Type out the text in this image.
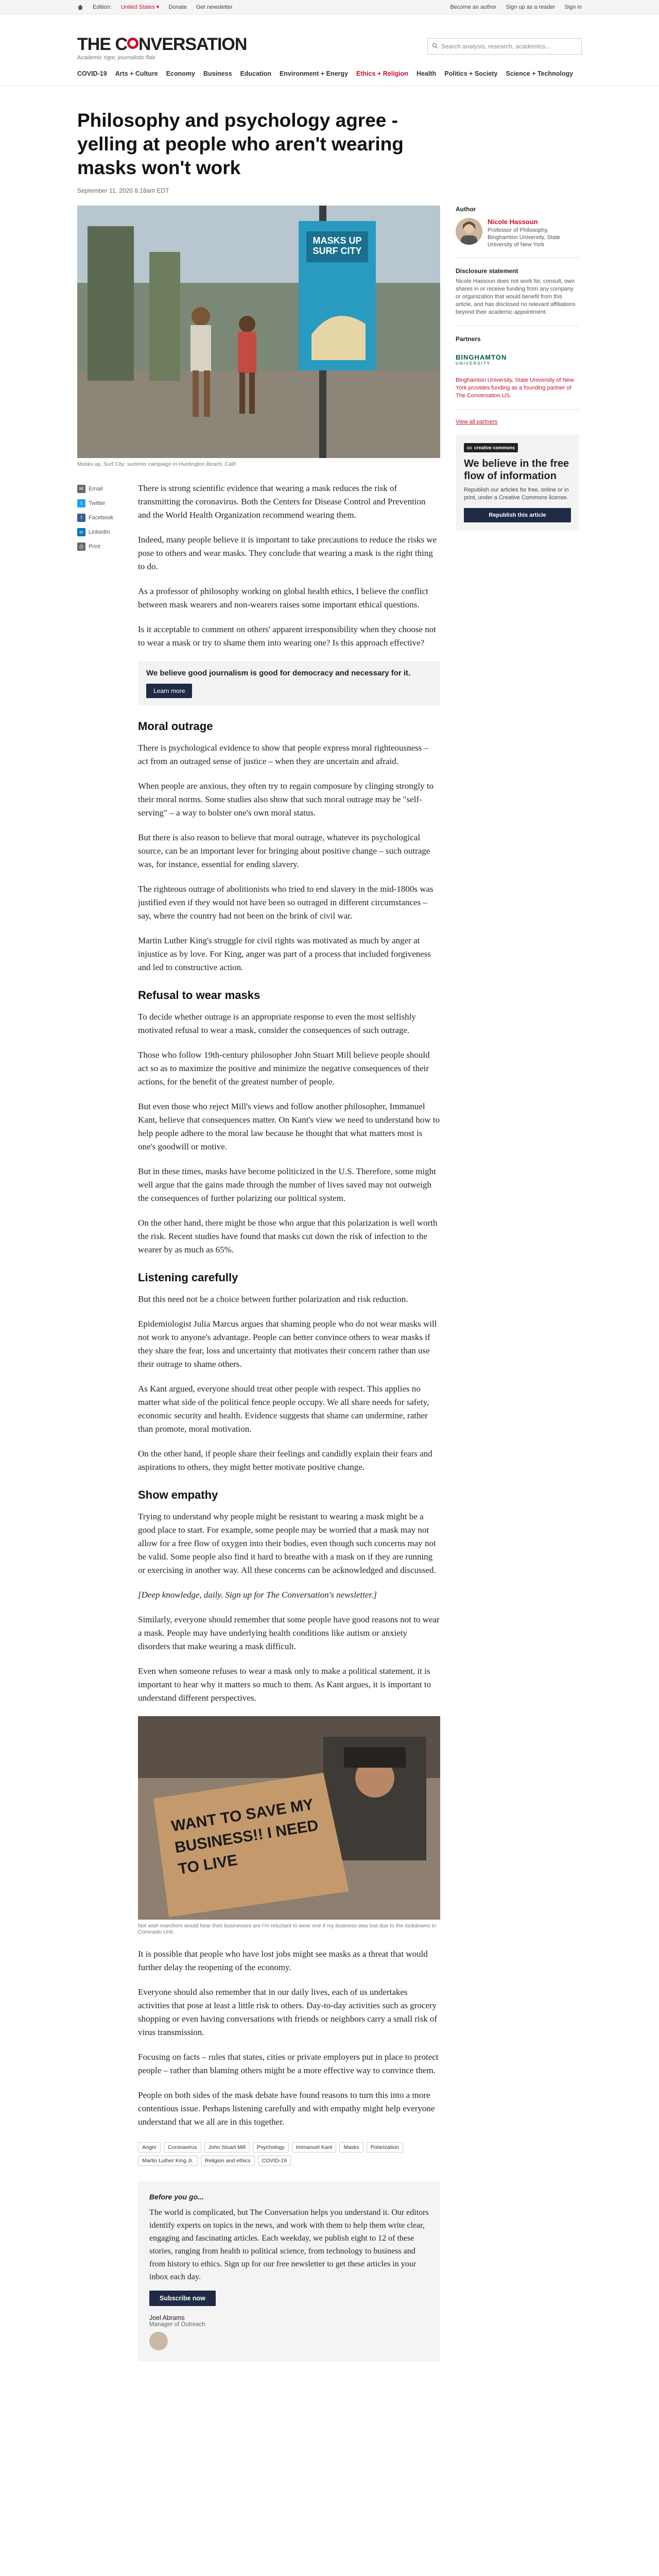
Edition: United States ▾ Donate Get newsletter	Become an author Sign up as a reader Sign in
THE C NVERSATION
Academic rigor, journalistic flair
Search analysis, research, academics...
COVID-19 Arts + Culture Economy Business Education Environment + Energy Ethics + Religion Health Politics + Society Science + Technology
Philosophy and psychology agree - yelling at people who aren't wearing masks won't work
September 11, 2020 8.18am EDT
MASKS UP SURF CITY
Masks up, Surf City: summer campaign in Huntington Beach, Calif.
✉ Email
t	Twitter
f	Facebook
in LinkedIn
⎙ Print

There is strong scientific evidence that wearing a mask reduces the risk of transmitting the coronavirus. Both the Centers for Disease Control and Prevention and the World Health Organization recommend wearing them.

Indeed, many people believe it is important to take precautions to reduce the risks we pose to others and wear masks. They conclude that wearing a mask is the right thing to do.

As a professor of philosophy working on global health ethics, I believe the conflict between mask wearers and non-wearers raises some important ethical questions.

Is it acceptable to comment on others' apparent irresponsibility when they choose not to wear a mask or try to shame them into wearing one? Is this approach effective?

We believe good journalism is good for democracy and necessary for it.
Learn more
Moral outrage

There is psychological evidence to show that people express moral righteousness – act from an outraged sense of justice – when they are uncertain and afraid.

When people are anxious, they often try to regain composure by clinging strongly to their moral norms. Some studies also show that such moral outrage may be "self-serving" – a way to bolster one's own moral status.

But there is also reason to believe that moral outrage, whatever its psychological source, can be an important lever for bringing about positive change – such outrage was, for instance, essential for ending slavery.

The righteous outrage of abolitionists who tried to end slavery in the mid-1800s was justified even if they would not have been so outraged in different circumstances – say, where the country had not been on the brink of civil war.

Martin Luther King's struggle for civil rights was motivated as much by anger at injustice as by love. For King, anger was part of a process that included forgiveness and led to constructive action.

Refusal to wear masks

To decide whether outrage is an appropriate response to even the most selfishly motivated refusal to wear a mask, consider the consequences of such outrage.

Those who follow 19th-century philosopher John Stuart Mill believe people should act so as to maximize the positive and minimize the negative consequences of their actions, for the benefit of the greatest number of people.

But even those who reject Mill's views and follow another philosopher, Immanuel Kant, believe that consequences matter. On Kant's view we need to understand how to help people adhere to the moral law because he thought that what matters most is one's goodwill or motive.

But in these times, masks have become politicized in the U.S. Therefore, some might well argue that the gains made through the number of lives saved may not outweigh the consequences of further polarizing our political system.

On the other hand, there might be those who argue that this polarization is well worth the risk. Recent studies have found that masks cut down the risk of infection to the wearer by as much as 65%.

Listening carefully

But this need not be a choice between further polarization and risk reduction.

Epidemiologist Julia Marcus argues that shaming people who do not wear masks will not work to anyone's advantage. People can better convince others to wear masks if they share the fear, loss and uncertainty that motivates their concern rather than use their outrage to shame others.

As Kant argued, everyone should treat other people with respect. This applies no matter what side of the political fence people occupy. We all share needs for safety, economic security and health. Evidence suggests that shame can undermine, rather than promote, moral motivation.

On the other hand, if people share their feelings and candidly explain their fears and aspirations to others, they might better motivate positive change.

Show empathy

Trying to understand why people might be resistant to wearing a mask might be a good place to start. For example, some people may be worried that a mask may not allow for a free flow of oxygen into their bodies, even though such concerns may not be valid. Some people also find it hard to breathe with a mask on if they are running or exercising in another way. All these concerns can be acknowledged and discussed.

[Deep knowledge, daily. Sign up for The Conversation's newsletter.]

Similarly, everyone should remember that some people have good reasons not to wear a mask. People may have underlying health conditions like autism or anxiety disorders that make wearing a mask difficult.

Even when someone refuses to wear a mask only to make a political statement, it is important to hear why it matters so much to them. As Kant argues, it is important to understand different perspectives.

WANT TO SAVE MY BUSINESS!! I NEED TO LIVE
Not wish marchers would hear their businesses are I'm reluctant to wear one if my business was lost due to the lockdowns in Coronado Unit.

It is possible that people who have lost jobs might see masks as a threat that would further delay the reopening of the economy.

Everyone should also remember that in our daily lives, each of us undertakes activities that pose at least a little risk to others. Day-to-day activities such as grocery shopping or even having conversations with friends or neighbors carry a small risk of virus transmission.

Focusing on facts – rules that states, cities or private employers put in place to protect people – rather than blaming others might be a more effective way to convince them.

People on both sides of the mask debate have found reasons to turn this into a more contentious issue. Perhaps listening carefully and with empathy might help everyone understand that we all are in this together.

Anger	Coronavirus	John Stuart Mill	Psychology	Immanuel Kant	Masks	Polarization
Martin Luther King Jr.	Religion and ethics	COVID-19
Before you go...

The world is complicated, but The Conversation helps you understand it. Our editors identify experts on topics in the news, and work with them to help them write clear, engaging and fascinating articles. Each weekday, we publish eight to 12 of these stories, ranging from health to political science, from technology to business and from history to ethics. Sign up for our free newsletter to get these articles in your inbox each day.

Subscribe now
Joel Abrams
Manager of Outreach
Author
Nicole Hassoun
Professor of Philosophy, Binghamton University, State University of New York
Disclosure statement
Nicole Hassoun does not work for, consult, own shares in or receive funding from any company or organization that would benefit from this article, and has disclosed no relevant affiliations beyond their academic appointment.
Partners
BINGHAMTON
UNIVERSITY
Binghamton University, State University of New York provides funding as a founding partner of The Conversation US.
View all partners
cc creative commons
We believe in the free flow of information
Republish our articles for free, online or in print, under a Creative Commons license.
Republish this article
